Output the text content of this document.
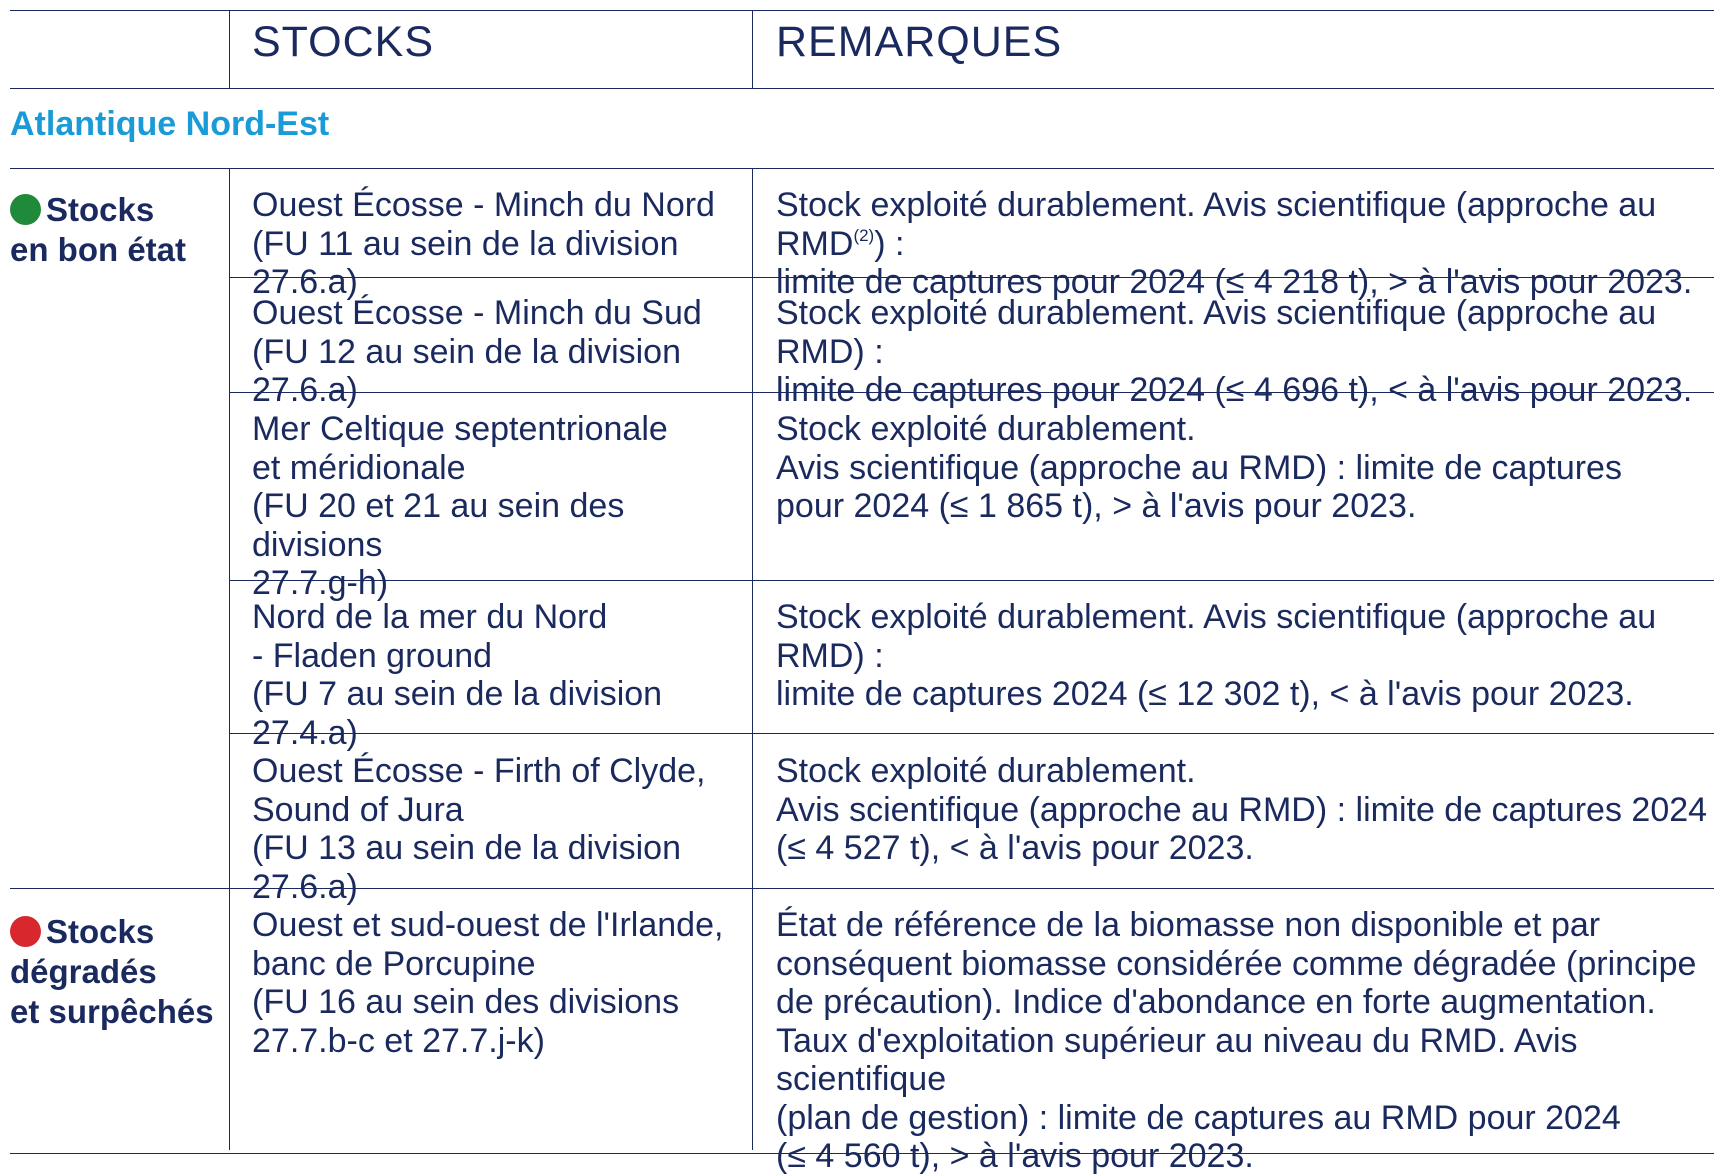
STOCKS	REMARQUES
Atlantique Nord-Est
Stocks
en bon état
Stocks
dégradés
et surpêchés
Ouest Écosse - Minch du Nord
(FU 11 au sein de la division 27.6.a)
Stock exploité durablement. Avis scientifique (approche au RMD$^{(2)}$) :
limite de captures pour 2024 (≤ 4 218 t), > à l'avis pour 2023.
Ouest Écosse - Minch du Sud
(FU 12 au sein de la division 27.6.a)
Stock exploité durablement. Avis scientifique (approche au RMD) :
limite de captures pour 2024 (≤ 4 696 t), < à l'avis pour 2023.
Mer Celtique septentrionale
et méridionale
(FU 20 et 21 au sein des divisions
27.7.g-h)
Stock exploité durablement.
Avis scientifique (approche au RMD) : limite de captures
pour 2024 (≤ 1 865 t), > à l'avis pour 2023.
Nord de la mer du Nord
- Fladen ground
(FU 7 au sein de la division 27.4.a)
Stock exploité durablement. Avis scientifique (approche au RMD) :
limite de captures 2024 (≤ 12 302 t), < à l'avis pour 2023.
Ouest Écosse - Firth of Clyde,
Sound of Jura
(FU 13 au sein de la division 27.6.a)
Stock exploité durablement.
Avis scientifique (approche au RMD) : limite de captures 2024
(≤ 4 527 t), < à l'avis pour 2023.
Ouest et sud-ouest de l'Irlande,
banc de Porcupine
(FU 16 au sein des divisions
27.7.b-c et 27.7.j-k)
État de référence de la biomasse non disponible et par
conséquent biomasse considérée comme dégradée (principe
de précaution). Indice d'abondance en forte augmentation.
Taux d'exploitation supérieur au niveau du RMD. Avis scientifique
(plan de gestion) : limite de captures au RMD pour 2024
(≤ 4 560 t), > à l'avis pour 2023.
